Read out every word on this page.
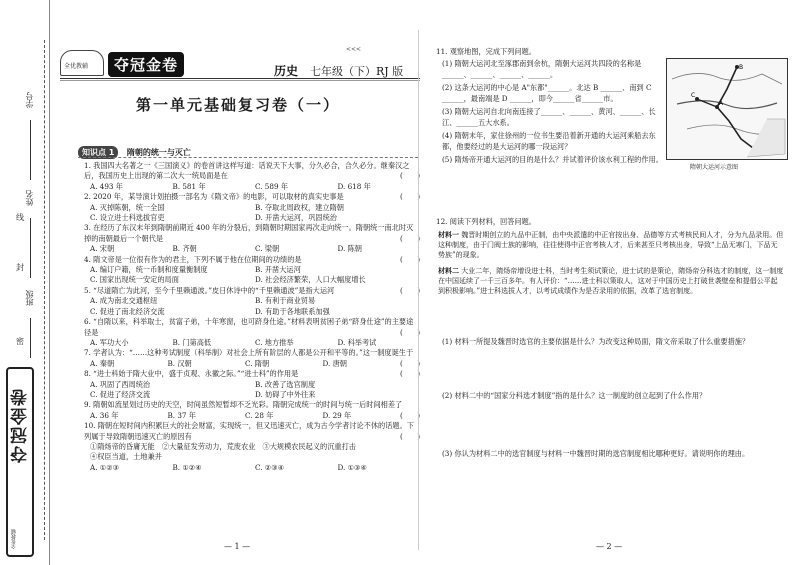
学号
姓名
班级
线
封
密
夺冠金卷
全优教辅
全优教辅	夺冠金卷
<<<
历史 七年级（下）RJ 版
第一单元基础复习卷（一）
知识点 1 隋朝的统一与灭亡
1. 我国四大名著之一《三国演义》的卷首讲这样写道：话说天下大事，分久必合，合久必分。继秦汉之后，我国历史上出现的第二次大一统局面是在	(　　)
A. 493 年	B. 581 年	C. 589 年	D. 618 年
2. 2020 年，某导演计划拍摄一部名为《隋文帝》的电影，可以取材的真实史事是	(　　)
A. 灭掉陈朝，统一全国	B. 夺取北周政权，建立隋朝
C. 设立进士科选拔官吏	D. 开凿大运河，巩固统治
3. 在经历了东汉末年到隋朝前期近 400 年的分裂后，到隋朝时期国家再次走向统一。隋朝统一南北时灭掉的南朝最后一个朝代是	(　　)
A. 宋朝	B. 齐朝	C. 梁朝	D. 陈朝
4. 隋文帝是一位很有作为的君主，下列不属于他在位期间的功绩的是	(　　)
A. 编订户籍，统一币制和度量衡制度	B. 开凿大运河
C. 国家出现统一安定的局面	D. 社会经济繁荣，人口大幅度增长
5. “尽道隋亡为此河，至今千里赖通波。”皮日休诗中的“千里赖通波”是指大运河	(　　)
A. 成为南北交通枢纽	B. 有利于商业贸易
C. 促进了南北经济交流	D. 有助于各地联系加强
6. “自隋以来，科举取士，贫富子弟，十年寒窗，也可跻身仕途。”材料表明贫困子弟“跻身仕途”的主要途径是	(　　)
A. 军功大小	B. 门第高低	C. 地方推举	D. 科举考试
7. 学者认为：“……这种考试制度（科举制）对社会上所有阶层的人都是公开和平等的。”这一制度诞生于
(　　)
A. 秦朝	B. 汉朝	C. 隋朝	D. 唐朝
8. “进士科始于隋大业中，盛于贞观、永徽之际。”“进士科”的作用是	(　　)
A. 巩固了西周统治	B. 改善了选官制度
C. 促进了经济交流	D. 妨碍了中外往来
9. 隋朝如流星划过历史的天空，时间虽然短暂却不乏光彩。隋朝完成统一的时间与统一后时间相差了
(　　)
A. 36 年	B. 37 年	C. 28 年	D. 29 年
10. 隋朝在短时间内积累巨大的社会财富，实现统一，但又迅速灭亡，成为古今学者讨论不休的话题。下列属于导致隋朝迅速灭亡的原因有	(　　)
①隋炀帝的昏庸无能　②大量征发劳动力，荒废农业　③大规模农民起义的沉重打击
④权臣当道，土地兼并
A. ①②③	B. ①②④	C. ②③④	D. ①③④
— 1 —
11. 观察地图，完成下列问题。
(1) 隋朝大运河北至涿郡南到余杭，隋朝大运河共四段的名称是______、______、______、______。
(2) 这条大运河的中心是 A"东都"______。北达 B ______、南到 C ______，最南端是 D ______，即今______省______市。
(3) 隋朝大运河自北向南连接了______、______、黄河、______、长江、______五大水系。
(4) 隋朝末年，家住徐州的一位书生要沿着新开通的大运河乘船去东都，他要经过的是大运河的哪一段运河？
(5) 隋炀帝开通大运河的目的是什么？并试着评价该水利工程的作用。
B
C
A
隋朝大运河示意图
12. 阅读下列材料，回答问题。
材料一 魏晋时期创立的九品中正制，由中央派遣的中正官按出身、品德等方式考核民间人才，分为九品录用。但这种制度，由于门阀士族的影响，往往使得中正官考核人才，后来甚至只考核出身，导致“上品无寒门，下品无势族”的现象。
材料二 大业二年，隋炀帝增设进士科，当时考生须试策论，进士试的是策论，隋炀帝分科选才的制度，这一制度在中国延续了一千三百多年。有人评价：“……进士科以策取人，这对于中国历史上打破世袭壁垒和提倡公平起到积极影响。”进士科选拔人才，以考试成绩作为是否录用的依据，改革了选官制度。
(1) 材料一所提及魏晋时选官的主要依据是什么？为改变这种局面，隋文帝采取了什么重要措施？
(2) 材料二中的“国家分科选才制度”指的是什么？这一制度的创立起到了什么作用？
(3) 你认为材料二中的选官制度与材料一中魏晋时期的选官制度相比哪种更好。请说明你的理由。
— 2 —
